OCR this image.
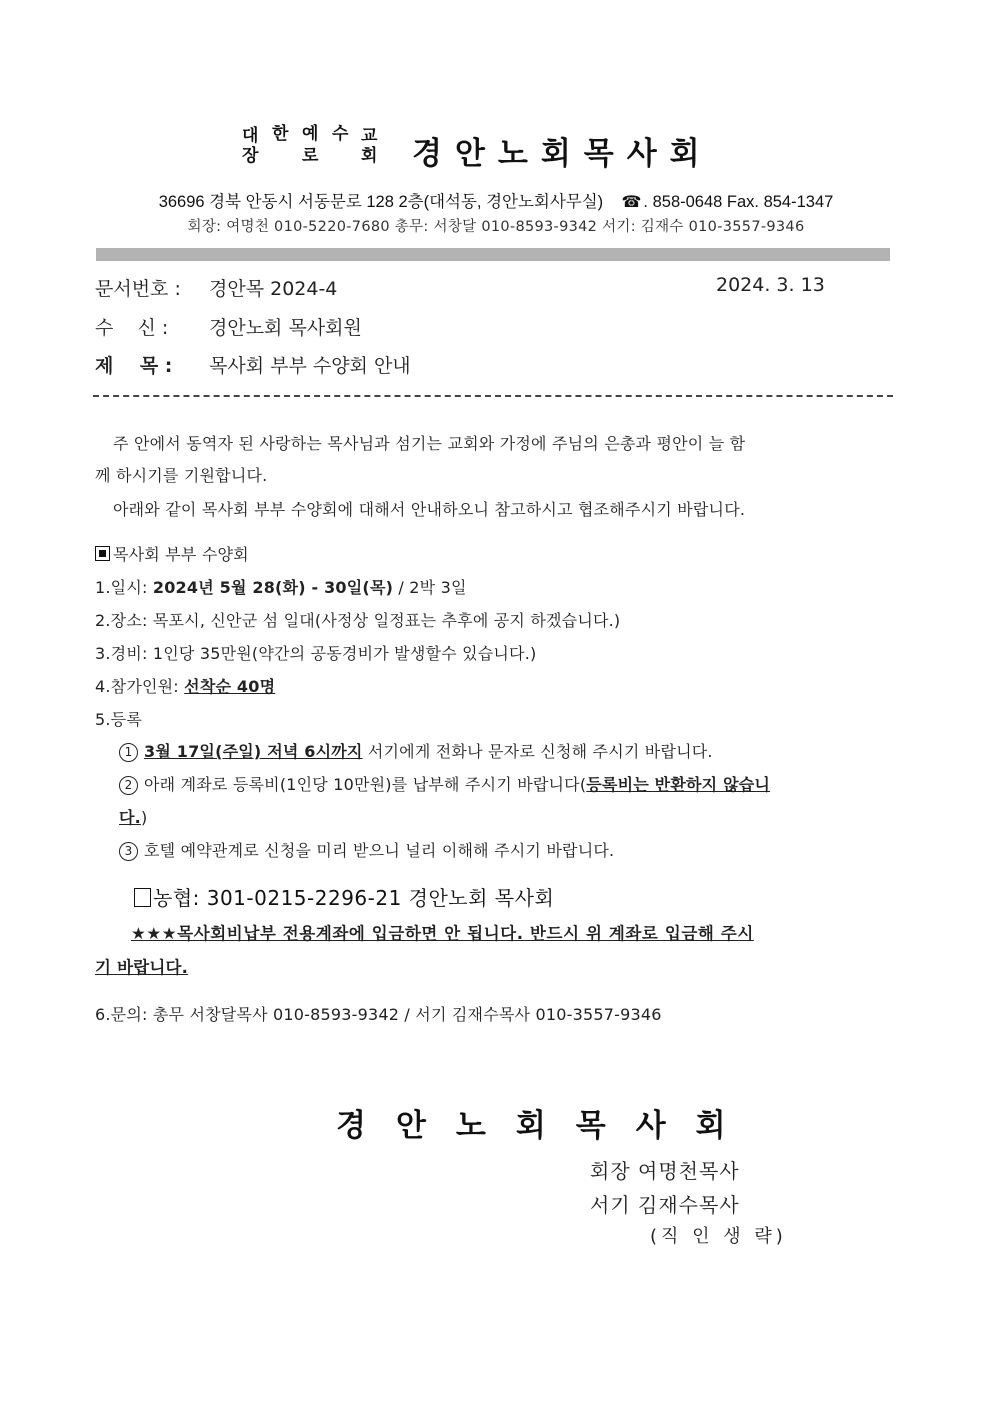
대 한 예 수 교
장	로	회 경안노회목사회
36696 경북 안동시 서동문로 128 2층(대석동, 경안노회사무실) ☎ . 858-0648 Fax. 854-1347
회장: 여명천 010-5220-7680 총무: 서창달 010-8593-9342 서기: 김재수 010-3557-9346
문서번호 : 경안목 2024-4	2024. 3. 13
수    신 : 경안노회 목사회원
제    목 : 목사회 부부 수양회 안내
주 안에서 동역자 된 사랑하는 목사님과 섬기는 교회와 가정에 주님의 은총과 평안이 늘 함
께 하시기를 기원합니다.
아래와 같이 목사회 부부 수양회에 대해서 안내하오니 참고하시고 협조해주시기 바랍니다.
목사회 부부 수양회
1.일시: 2024년 5월 28(화) - 30일(목) / 2박 3일
2.장소: 목포시, 신안군 섬 일대(사정상 일정표는 추후에 공지 하겠습니다.)
3.경비: 1인당 35만원(약간의 공동경비가 발생할수 있습니다.)
4.참가인원: 선착순 40명
5.등록
1 3월 17일(주일) 저녁 6시까지 서기에게 전화나 문자로 신청해 주시기 바랍니다.
2 아래 계좌로 등록비(1인당 10만원)를 납부해 주시기 바랍니다(등록비는 반환하지 않습니
다.)
3 호텔 예약관계로 신청을 미리 받으니 널리 이해해 주시기 바랍니다.
농협: 301-0215-2296-21 경안노회 목사회
★★★목사회비납부 전용계좌에 입금하면 안 됩니다. 반드시 위 계좌로 입금해 주시
기 바랍니다.
6.문의: 총무 서창달목사 010-8593-9342 / 서기 김재수목사 010-3557-9346
경안노회목사회
회장 여명천목사
서기 김재수목사
(직 인 생 략)
